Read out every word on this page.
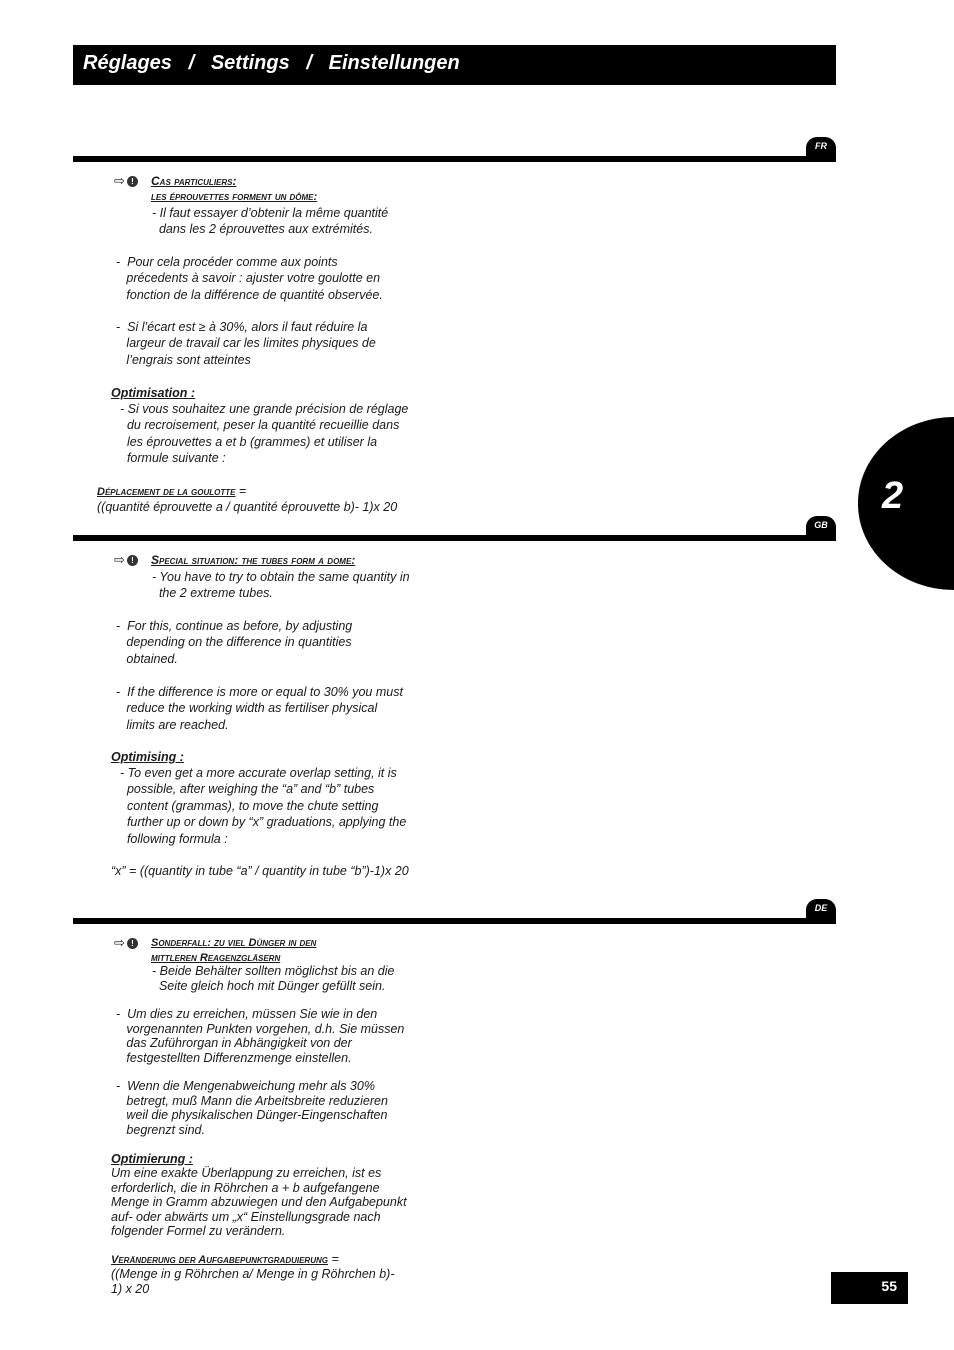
Réglages   /   Settings   /   Einstellungen
2
FR
⇨ !	Cas particuliers:
les éprouvettes forment un dôme:
- Il faut essayer d’obtenir la même quantité
dans les 2 éprouvettes aux extrémités.
-  Pour cela procéder comme aux points
précedents à savoir : ajuster votre goulotte en
fonction de la différence de quantité observée.
-  Si l’écart est ≥ à 30%, alors il faut réduire la
largeur de travail car les limites physiques de
l’engrais sont atteintes
Optimisation :
- Si vous souhaitez une grande précision de réglage
du recroisement, peser la quantité recueillie dans
les éprouvettes a et b (grammes) et utiliser la
formule suivante :
Déplacement de la goulotte =
((quantité éprouvette a / quantité éprouvette b)- 1)x 20
GB
⇨ !	Special situation: the tubes form a dome:
- You have to try to obtain the same quantity in
the 2 extreme tubes.
-  For this, continue as before, by adjusting
depending on the difference in quantities
obtained.
-  If the difference is more or equal to 30% you must
reduce the working width as fertiliser physical
limits are reached.
Optimising :
- To even get a more accurate overlap setting, it is
possible, after weighing the “a” and “b” tubes
content (grammas), to move the chute setting
further up or down by “x” graduations, applying the
following formula :
“x” = ((quantity in tube “a” / quantity in tube “b”)-1)x 20
DE
⇨ !	Sonderfall: zu viel Dünger in den
mittleren Reagenzgläsern
- Beide Behälter sollten möglichst bis an die
Seite gleich hoch mit Dünger gefüllt sein.
-  Um dies zu erreichen, müssen Sie wie in den
vorgenannten Punkten vorgehen, d.h. Sie müssen
das Zuführorgan in Abhängigkeit von der
festgestellten Differenzmenge einstellen.
-  Wenn die Mengenabweichung mehr als 30%
betregt, muß Mann die Arbeitsbreite reduzieren
weil die physikalischen Dünger-Eingenschaften
begrenzt sind.
Optimierung :
Um eine exakte Überlappung zu erreichen, ist es
erforderlich, die in Röhrchen a + b aufgefangene
Menge in Gramm abzuwiegen und den Aufgabepunkt
auf- oder abwärts um „x“ Einstellungsgrade nach
folgender Formel zu verändern.
Veränderung der Aufgabepunktgraduierung =
((Menge in g Röhrchen a/ Menge in g Röhrchen b)-
1) x 20	55
